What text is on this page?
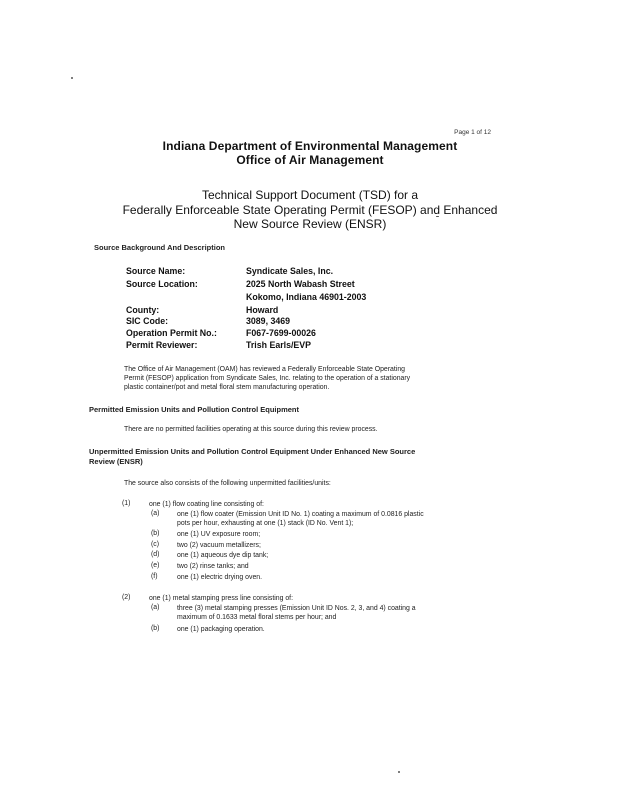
Page 1 of 12
Indiana Department of Environmental Management
Office of Air Management
Technical Support Document (TSD) for a
Federally Enforceable State Operating Permit (FESOP) and Enhanced
New Source Review (ENSR)
Source Background And Description
Source Name:	Syndicate Sales, Inc.
Source Location:	2025 North Wabash Street
Kokomo, Indiana 46901-2003
County:	Howard
SIC Code:	3089, 3469
Operation Permit No.:	F067-7699-00026
Permit Reviewer:	Trish Earls/EVP
The Office of Air Management (OAM) has reviewed a Federally Enforceable State Operating
Permit (FESOP) application from Syndicate Sales, Inc. relating to the operation of a stationary
plastic container/pot and metal floral stem manufacturing operation.
Permitted Emission Units and Pollution Control Equipment
There are no permitted facilities operating at this source during this review process.
Unpermitted Emission Units and Pollution Control Equipment Under Enhanced New Source
Review (ENSR)
The source also consists of the following unpermitted facilities/units:
(1)	one (1) flow coating line consisting of:
(a)	one (1) flow coater (Emission Unit ID No. 1) coating a maximum of 0.0816 plastic
pots per hour, exhausting at one (1) stack (ID No. Vent 1);
(b)	one (1) UV exposure room;
(c)	two (2) vacuum metallizers;
(d)	one (1) aqueous dye dip tank;
(e)	two (2) rinse tanks; and
(f)	one (1) electric drying oven.
(2)	one (1) metal stamping press line consisting of:
(a)	three (3) metal stamping presses (Emission Unit ID Nos. 2, 3, and 4) coating a
maximum of 0.1633 metal floral stems per hour; and
(b)	one (1) packaging operation.
